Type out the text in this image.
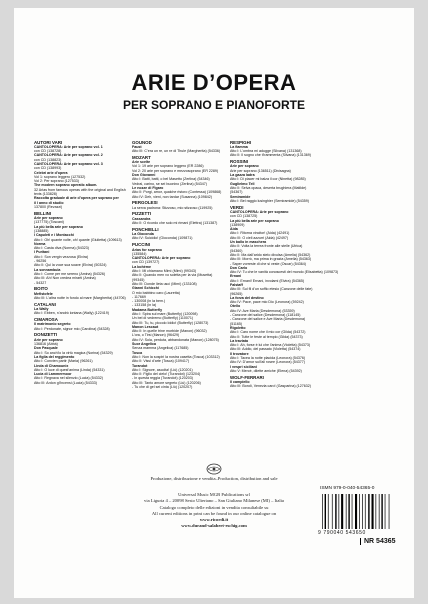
ARIE D’OPERA
PER SOPRANO E PIANOFORTE
AUTORI VARI
CANTOLOPERA: Arie per soprano vol. 1
con CD (138728)
CANTOLOPERA: Arie per soprano vol. 2
con CD (138823)
CANTOLOPERA: Arie per soprano vol. 3
con CD (138993)
Celebri arie d’opera
Vol 1: soprano leggero (127532)
Vol 2: Per soprano (127533)
The modern soprano operatic album.
32 Arias from famous operas with the original and English
texts (133828)
Raccolta graduale di arie d’opera per soprano per
il I anno di studio
137800 (Revazzi)
BELLINI
Arie per soprano
(137775) (Toscani)
La più bella arie per soprano
(138885)
I Capuleti e i Montacchi
Atto I: Oh! quante volte, oh! quante (Giulietta) (109613)
Norma
Atto I: Casta diva (Norma) (54323)
I Puritani
Atto I: Son vergin vezzosa (Elvira)
- 96256
Atto II: Qui la voce sua soave (Elvira) (50324)
La sonnambula
Atto I: Come per me sereno (Amina) (54326)
Atto III: Ah! Non credea mirarti (Amina)
- 54327
BOITO
Mefistofele
Atto III: L’altra notte in fondo al mare (Margherita) (44706)
CATALANI
La Wally
Atto I: Ebben, n’andrò lontana (Wally) (122419)
CIMAROSA
Il matrimonio segreto
Atto I: Perdonate, signor mio (Carolina) (54328)
DONIZETTI
Arie per soprano
136816 (Abbà)
Don Pasquale
Atto I: So anch’io la virtù magica (Norina) (54329)
La figlia del reggimento
Atto I: Convien partir (Maria) (96261)
Linda di Chamounix
Atto I: O luce di quest’anima (Linda) (54331)
Lucia di Lammermoor
Atto I: Regnava nel silenzio (Lucia) (54332)
Atto III: Ardon gl’incensi (Lucia) (54333)
GOUNOD
Faust
Atto III: C’era un re, un re di Thule (Margherita) (54336)
MOZART
Arie scelte
Vol 1: 19 arie per soprano leggero (ER 2286)
Vol 2: 20 arie per soprano e mezzosoprano (ER 2289)
Don Giovanni
Atto I: Batti, batti, o bel Masetto (Zerlina) (54346)
Vedrai, carino, se sei buonino (Zerlina) (54347)
Le nozze di Figaro
Atto II: Porgi, amor, qualche ristoro (Contessa) (109868)
Atto IV: Deh, vieni, non tardar (Susanna) (109842)
PERGOLESI
La serva padrona: Stizzoso, mio stizzoso (119925)
PIZZETTI
Cassandra
Atto II: O ricordo che solo mi rimani (Elettra) (131387)
PONCHIELLI
La Gioconda
Atto IV: Suicidio! (Gioconda) (109871)
PUCCINI
Arias for soprano
(135584)
CANTOLOPERA: Arie per soprano
con CD (139727)
La bohème
Atto I: Mi chiamano Mimì (Mimì) (99343)
Atto II: Quando men vo soletta per la via (Musetta)
(99345)
Atto III: Donde lieta uscì (Mimì) (133108)
Gianni Schicchi
O mio babbino caro (Lauretta)
- 117669
- 130008 (in la bem.)
- 133158 (in la)
Madama Butterfly
Atto I: Spira sul mare (Butterfly) (120098)
Un bel dì vedremo (Butterfly) (110071)
Atto III: Tu, tu, piccolo Iddio! (Butterfly) (128073)
Manon Lescaut
Atto II: In quelle trine morbide (Manon) (96032)
L’ora, o Tirsi (Manon) (96429)
Atto IV: Sola, perduta, abbandonata (Manon) (128075)
Suor Angelica
Senza mamma (Angelica) (117685)
Tosca
Atto I: Non la sospiri la nostra casetta (Tosca) (103312)
Atto II: Vissi d’arte (Tosca) (109417)
Turandot
Atto I: Signore, ascolta! (Liù) (120201)
Atto II: Figlio del cielo! (Turandot) (123204)
- In questa reggia (Turandot) (120203)
Atto III: Tanto amore segreto (Liù) (120206)
- Tu che di gel sei cinta (Liù) (120207)
RESPIGHI
La fiamma
Atto I: L’ombra mi adugge (Silvana) (131368)
Atto II: Il sogno che ti'rammenta (Silvana) (131369)
ROSSINI
Arie per soprano
Arie per soprano (136511) (Divisagna)
La gazza ladra
Atto I: Di piacer mi balza il cor (Ninetta) (98285)
Guglielmo Tell
Atto II: Selva opaca, deserta brughiera (Matilde)
(54367)
Semiramide
Atto I: Bel raggio lusinghier (Semiramide) (54359)
VERDI
CANTOLOPERA: Arie per soprano
con CD (138725)
La più bella arie per soprano
(138909)
Aida
Atto I: Ritorna vincitor! (Aida) (42491)
Atto III: O cieli azzurri (Aida) (42497)
Un ballo in maschera
Atto II: Volta la terrea fronte alle stelle (Ulrica)
(54360)
Atto II: Ma dall’arido stelo divulsa (Amelia) (54362)
Atto III: Morrò, ma prima in grazia (Amelia) (54363)
- Saper vorreste di che si veste (Oscar) (54364)
Don Carlo
Atto IV: Tu che le vanità conoscesti del mondo (Elisabetta) (109873)
Ernani
Atto I: Ernani! Ernani, involami (Elvira) (54365)
Falstaff
Atto III: Sul fil d’un soffio etesio (Canzone delle fate)
(96265)
La forza del destino
Atto IV: Pace, pace mio Dio (Leonora) (59242)
Otello
Atto IV: Ave Maria (Desdemona) (53359)
- Canzone del salice (Desdemona) (118145)
- Canzone del salice e Ave Maria (Desdemona)
(51165)
Rigoletto
Atto I: Caro nome che il mio cor (Gilda) (54372)
Atto II: Tutte le feste al tempio (Gilda) (54373)
La traviata
Atto I: Ah, forse è lui che l’anima (Violetta) (54373)
Atto III: Addio, del passato (Violetta) (54374)
Il trovatore
Atto I: Tacea la notte placida (Leonora) (54376)
Atto IV: D’amor sull’ali rosee (Leonora) (54377)
I vespri siciliani
Atto V: Mercè, dilette amiche (Elena) (54392)
WOLF-FERRARI
Il campiello
Atto III: Bondì, Venezia caro! (Gasparina) (127632)
Produzione, distribuzione e vendita–Production, distribution and sale
Universal Music MGB Publications srl
via Liguria 4 – 20098 Sesto Ulteriano – San Giuliano Milanese (MI) – Italia
Catalogo completo delle edizioni in vendita consultabile su
All current editions in print can be found in our online catalogue on
www.ricordi.it
www.durand-salabert-eschig.com
ISMN 979-0-040-54365-0
9 790040 543650
NR 54365
